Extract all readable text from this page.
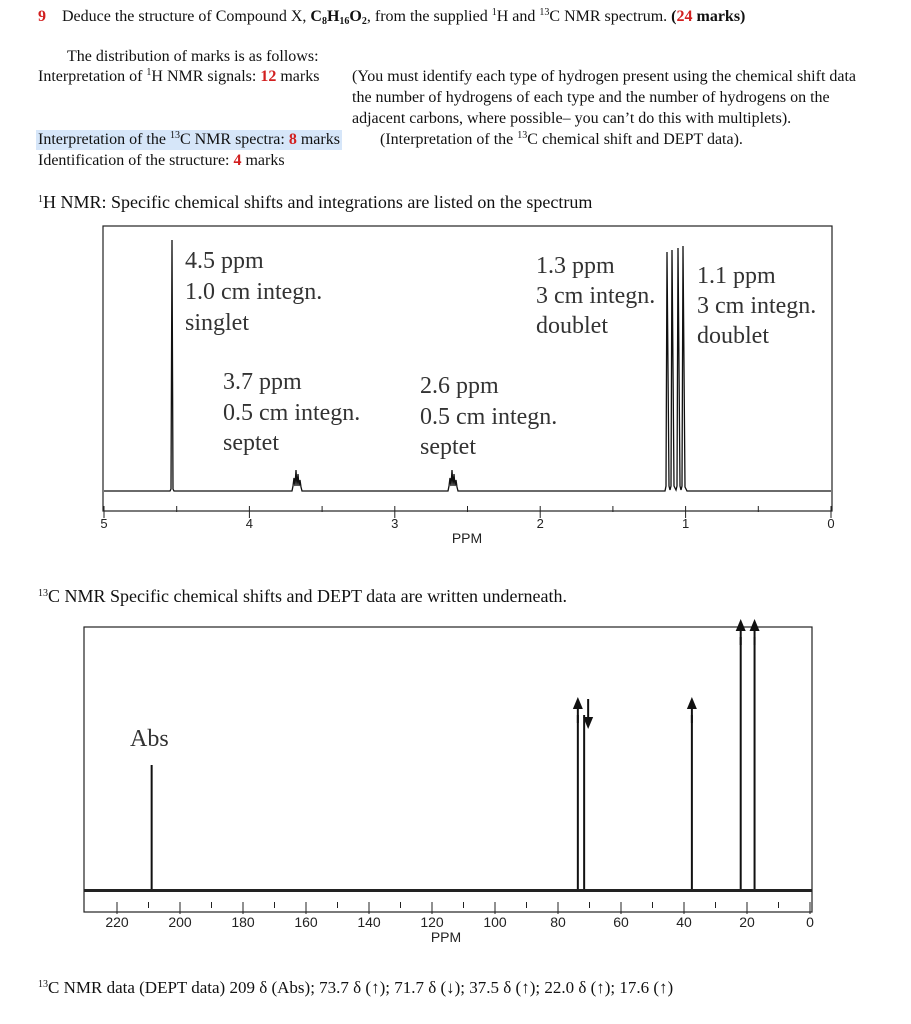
9 Deduce the structure of Compound X, $C_8H_{16}O_2$, from the supplied $^1$H and $^{13}$C NMR spectrum. (24 marks)
The distribution of marks is as follows:
Interpretation of $^1$H NMR signals: 12 marks (You must identify each type of hydrogen present using the chemical shift data
the number of hydrogens of each type and the number of hydrogens on the
adjacent carbons, where possible– you can’t do this with multiplets).
Interpretation of the $^{13}$C NMR spectra: 8 marks	(Interpretation of the $^{13}$C chemical shift and DEPT data).
Identification of the structure: 4 marks
$^1$H NMR: Specific chemical shifts and integrations are listed on the spectrum
5	4	3	2	1	0
4.5 ppm
1.0 cm integn.
singlet
3.7 ppm
0.5 cm integn.
septet
2.6 ppm
0.5 cm integn.
septet
1.3 ppm
3 cm integn.
doublet
1.1 ppm
3 cm integn.
doublet
PPM
$^{13}$C NMR Specific chemical shifts and DEPT data are written underneath.
220	200	180	160	140	120	100	80	60	40	20	0
Abs
PPM
$^{13}$C NMR data (DEPT data) 209 δ (Abs); 73.7 δ (↑); 71.7 δ (↓); 37.5 δ (↑); 22.0 δ (↑); 17.6 (↑)
